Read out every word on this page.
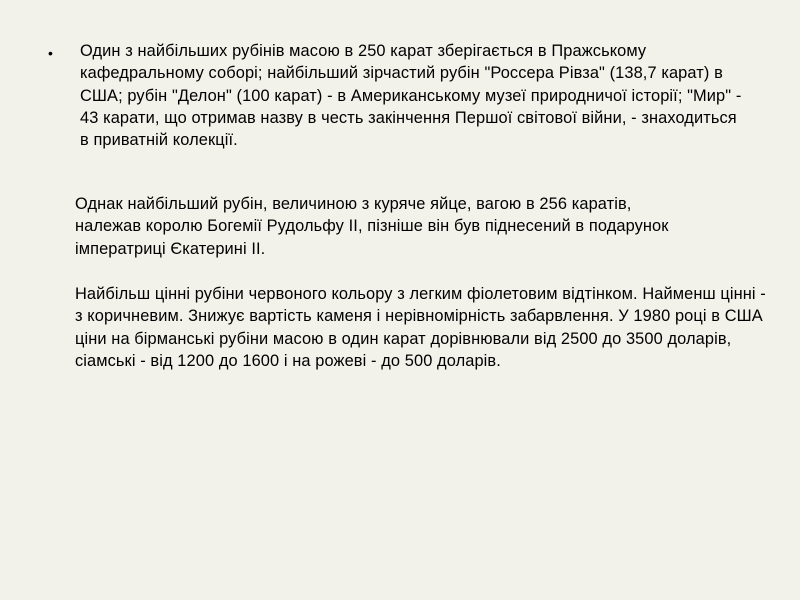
• Один з найбільших рубінів масою в 250 карат зберігається в Пражському кафедральному соборі; найбільший зірчастий рубін "Россера Рівза" (138,7 карат) в США; рубін "Делон" (100 карат) - в Американському музеї природничої історії; "Мир" - 43 карати, що отримав назву в честь закінчення Першої світової війни, - знаходиться в приватній колекції.

Однак найбільший рубін, величиною з куряче яйце, вагою в 256 каратів, належав королю Богемії Рудольфу ІІ, пізніше він був піднесений в подарунок імператриці Єкатерині ІІ.

Найбільш цінні рубіни червоного кольору з легким фіолетовим відтінком. Найменш цінні - з коричневим. Знижує вартість каменя і нерівномірність забарвлення. У 1980 році в США ціни на бірманські рубіни масою в один карат дорівнювали від 2500 до 3500 доларів, сіамські - від 1200 до 1600 і на рожеві - до 500 доларів.
